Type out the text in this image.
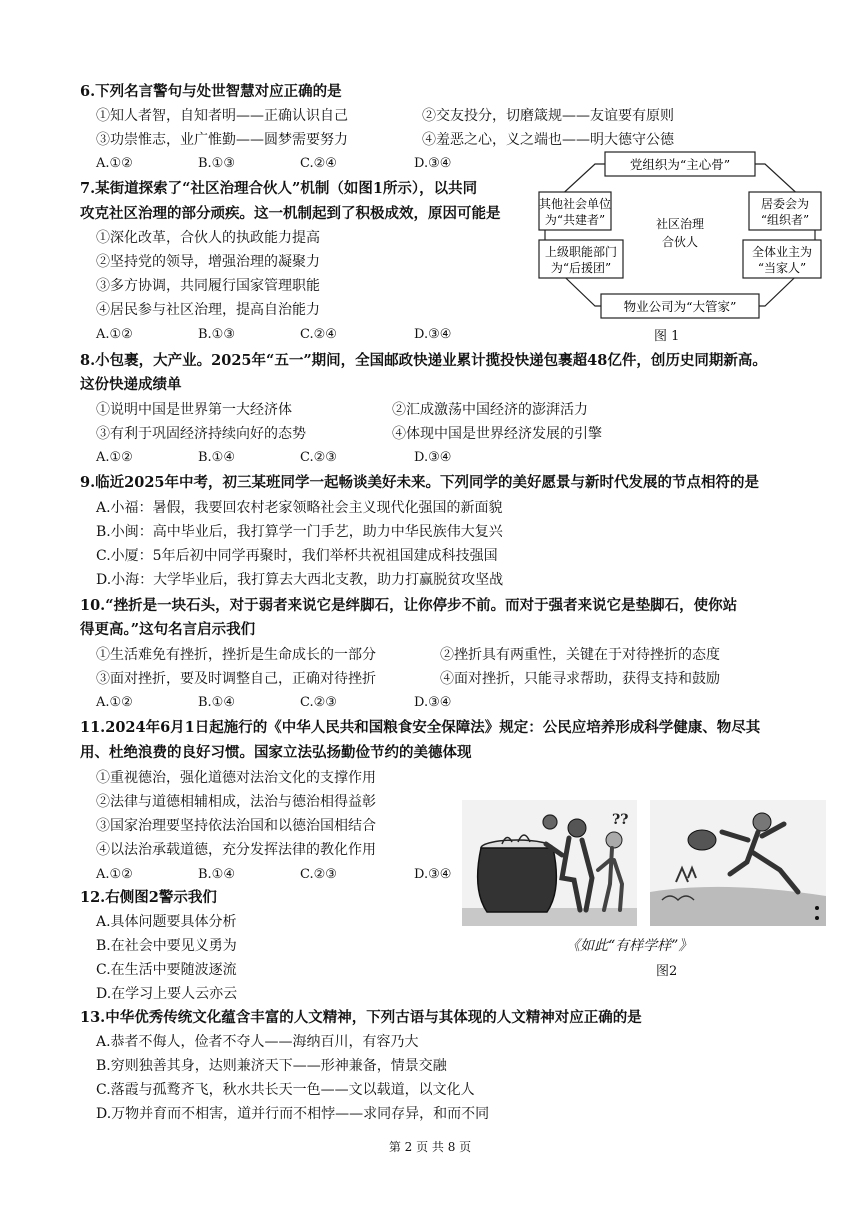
6.下列名言警句与处世智慧对应正确的是
①知人者智，自知者明——正确认识自己	②交友投分，切磨箴规——友谊要有原则
③功崇惟志，业广惟勤——圆梦需要努力	④羞恶之心，义之端也——明大德守公德
A.①②	B.①③	C.②④	D.③④
7.某街道探索了“社区治理合伙人”机制（如图1所示），以共同
攻克社区治理的部分顽疾。这一机制起到了积极成效，原因可能是
①深化改革，合伙人的执政能力提高
②坚持党的领导，增强治理的凝聚力
③多方协调，共同履行国家管理职能
④居民参与社区治理，提高自治能力
A.①②	B.①③	C.②④	D.③④
党组织为“主心骨”
其他社会单位
为“共建者”
居委会为
“组织者”
社区治理
合伙人
上级职能部门
为“后援团”
全体业主为
“当家人”
物业公司为“大管家”
图 1
8.小包裹，大产业。2025年“五一”期间，全国邮政快递业累计揽投快递包裹超48亿件，创历史同期新高。
这份快递成绩单
①说明中国是世界第一大经济体	②汇成激荡中国经济的澎湃活力
③有利于巩固经济持续向好的态势	④体现中国是世界经济发展的引擎
A.①②	B.①④	C.②③	D.③④
9.临近2025年中考，初三某班同学一起畅谈美好未来。下列同学的美好愿景与新时代发展的节点相符的是
A.小福：暑假，我要回农村老家领略社会主义现代化强国的新面貌
B.小闽：高中毕业后，我打算学一门手艺，助力中华民族伟大复兴
C.小厦：5年后初中同学再聚时，我们举杯共祝祖国建成科技强国
D.小海：大学毕业后，我打算去大西北支教，助力打赢脱贫攻坚战
10.“挫折是一块石头，对于弱者来说它是绊脚石，让你停步不前。而对于强者来说它是垫脚石，使你站
得更高。”这句名言启示我们
①生活难免有挫折，挫折是生命成长的一部分	②挫折具有两重性，关键在于对待挫折的态度
③面对挫折，要及时调整自己，正确对待挫折	④面对挫折，只能寻求帮助，获得支持和鼓励
A.①②	B.①④	C.②③	D.③④
11.2024年6月1日起施行的《中华人民共和国粮食安全保障法》规定：公民应培养形成科学健康、物尽其
用、杜绝浪费的良好习惯。国家立法弘扬勤俭节约的美德体现
①重视德治，强化道德对法治文化的支撑作用
②法律与道德相辅相成，法治与德治相得益彰
③国家治理要坚持依法治国和以德治国相结合
④以法治承载道德，充分发挥法律的教化作用
A.①②	B.①④	C.②③	D.③④
??
《如此“有样学样”》
图2
12.右侧图2警示我们
A.具体问题要具体分析
B.在社会中要见义勇为
C.在生活中要随波逐流
D.在学习上要人云亦云
13.中华优秀传统文化蕴含丰富的人文精神，下列古语与其体现的人文精神对应正确的是
A.恭者不侮人，俭者不夺人——海纳百川，有容乃大
B.穷则独善其身，达则兼济天下——形神兼备，情景交融
C.落霞与孤鹜齐飞，秋水共长天一色——文以载道，以文化人
D.万物并育而不相害，道并行而不相悖——求同存异，和而不同
第 2 页 共 8 页
